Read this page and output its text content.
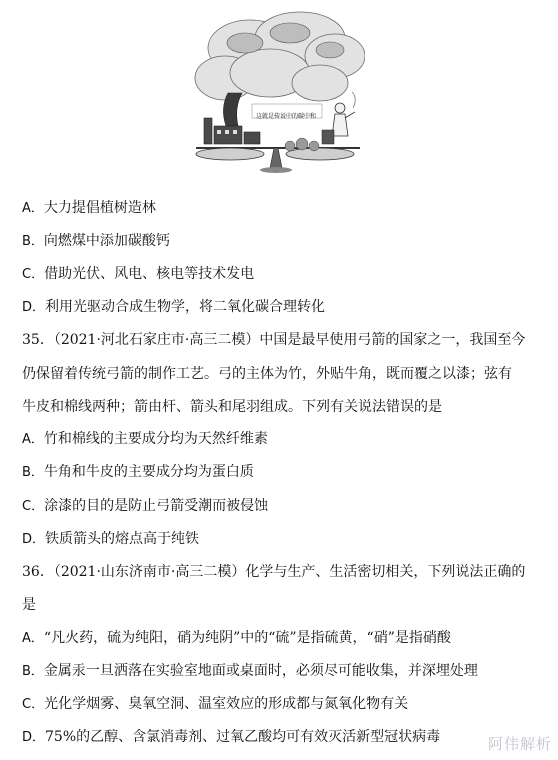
这就是传说中的碳中和
A．大力提倡植树造林
B．向燃煤中添加碳酸钙
C．借助光伏、风电、核电等技术发电
D．利用光驱动合成生物学，将二氧化碳合理转化
35．（2021·河北石家庄市·高三二模）中国是最早使用弓箭的国家之一，我国至今
仍保留着传统弓箭的制作工艺。弓的主体为竹，外贴牛角，既而覆之以漆；弦有
牛皮和棉线两种；箭由杆、箭头和尾羽组成。下列有关说法错误的是
A．竹和棉线的主要成分均为天然纤维素
B．牛角和牛皮的主要成分均为蛋白质
C．涂漆的目的是防止弓箭受潮而被侵蚀
D．铁质箭头的熔点高于纯铁
36．（2021·山东济南市·高三二模）化学与生产、生活密切相关，下列说法正确的
是
A．“凡火药，硫为纯阳，硝为纯阴”中的“硫”是指硫黄，“硝”是指硝酸
B．金属汞一旦洒落在实验室地面或桌面时，必须尽可能收集，并深埋处理
C．光化学烟雾、臭氧空洞、温室效应的形成都与氮氧化物有关
D．75%的乙醇、含氯消毒剂、过氧乙酸均可有效灭活新型冠状病毒	阿伟解析
